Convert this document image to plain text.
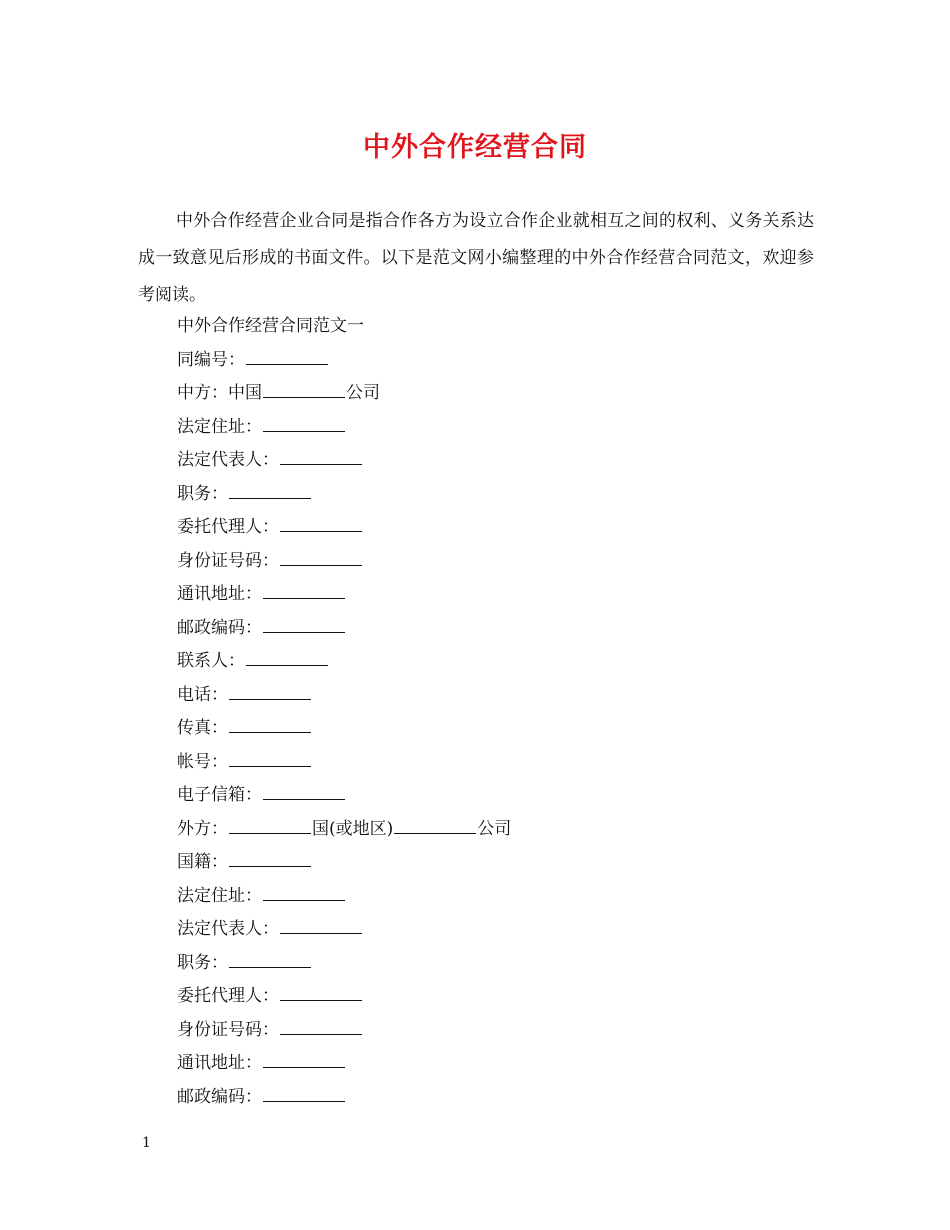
中外合作经营合同

中外合作经营企业合同是指合作各方为设立合作企业就相互之间的权利、义务关系达成一致意见后形成的书面文件。以下是范文网小编整理的中外合作经营合同范文，欢迎参考阅读。

中外合作经营合同范文一
同编号：
中方：中国	公司
法定住址：
法定代表人：
职务：
委托代理人：
身份证号码：
通讯地址：
邮政编码：
联系人：
电话：
传真：
帐号：
电子信箱：
外方：	国(或地区)	公司
国籍：
法定住址：
法定代表人：
职务：
委托代理人：
身份证号码：
通讯地址：
邮政编码：
1
